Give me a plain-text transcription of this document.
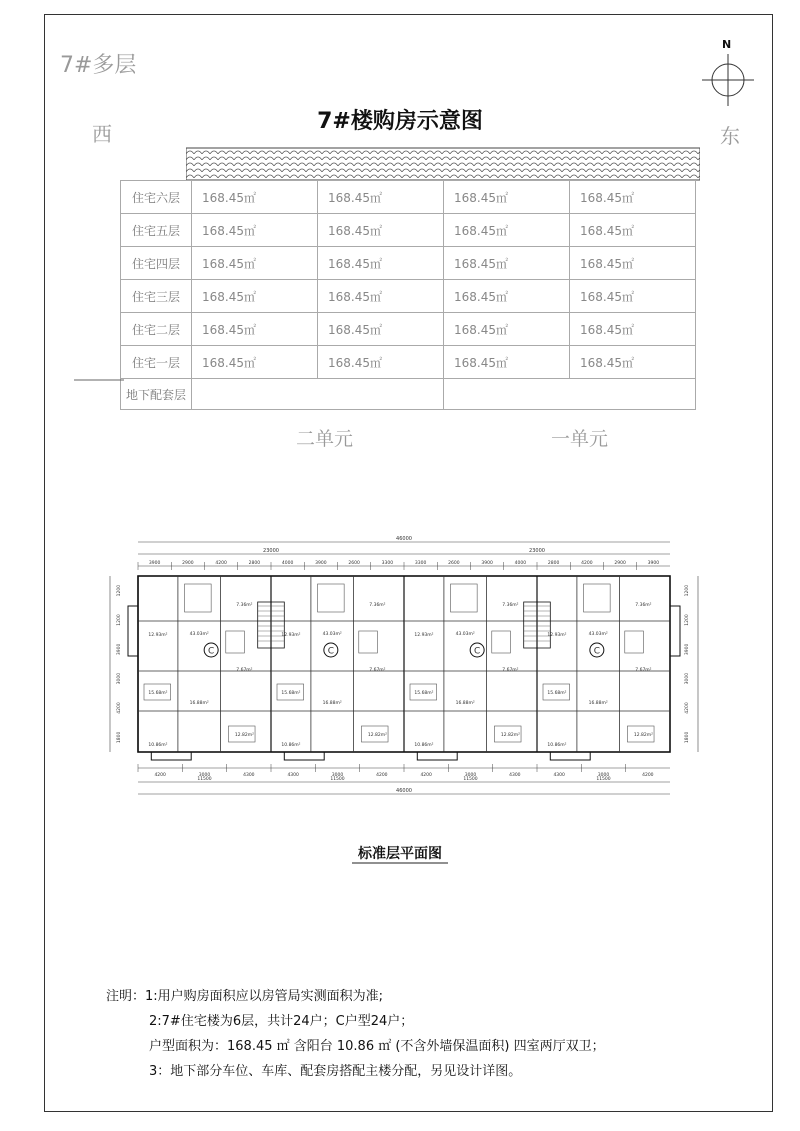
7#多层
7#楼购房示意图
西	东
N
住宅六层	168.45㎡	168.45㎡	168.45㎡	168.45㎡
住宅五层	168.45㎡	168.45㎡	168.45㎡	168.45㎡
住宅四层	168.45㎡	168.45㎡	168.45㎡	168.45㎡
住宅三层	168.45㎡	168.45㎡	168.45㎡	168.45㎡
住宅二层	168.45㎡	168.45㎡	168.45㎡	168.45㎡
住宅一层	168.45㎡	168.45㎡	168.45㎡	168.45㎡
地下配套层				
二单元	一单元
46000
23000	23000
3900	2900	4200	2800	4000	3900	2600	3300	3300	2600	3900	4000	2800	4200	2900	3900
4200	3000	4300	4300	3000	4200	4200	3000	4300	4300	3000	4200
11500	11500	11500	11500
46000
1200	1200
1200	1200
3900	3900
3000	3000
4200	4200
1800	1800
C
12.93m²	43.03m²
7.36m²
15.68m²
16.88m²
12.82m²
10.86m²
7.67m²
C
12.93m²	43.03m²
7.36m²
15.68m²
16.88m²
12.82m²
10.86m²
7.67m²
C
12.93m²	43.03m²
7.36m²
15.68m²
16.88m²
12.82m²
10.86m²
7.67m²
C
12.93m²	43.03m²
7.36m²
15.68m²
16.88m²
12.82m²
10.86m²
7.67m²
标准层平面图
注明：1:用户购房面积应以房管局实测面积为准;
2:7#住宅楼为6层，共计24户；C户型24户；
户型面积为：168.45 ㎡ 含阳台 10.86 ㎡ (不含外墙保温面积) 四室两厅双卫；
3：地下部分车位、车库、配套房搭配主楼分配，另见设计详图。
